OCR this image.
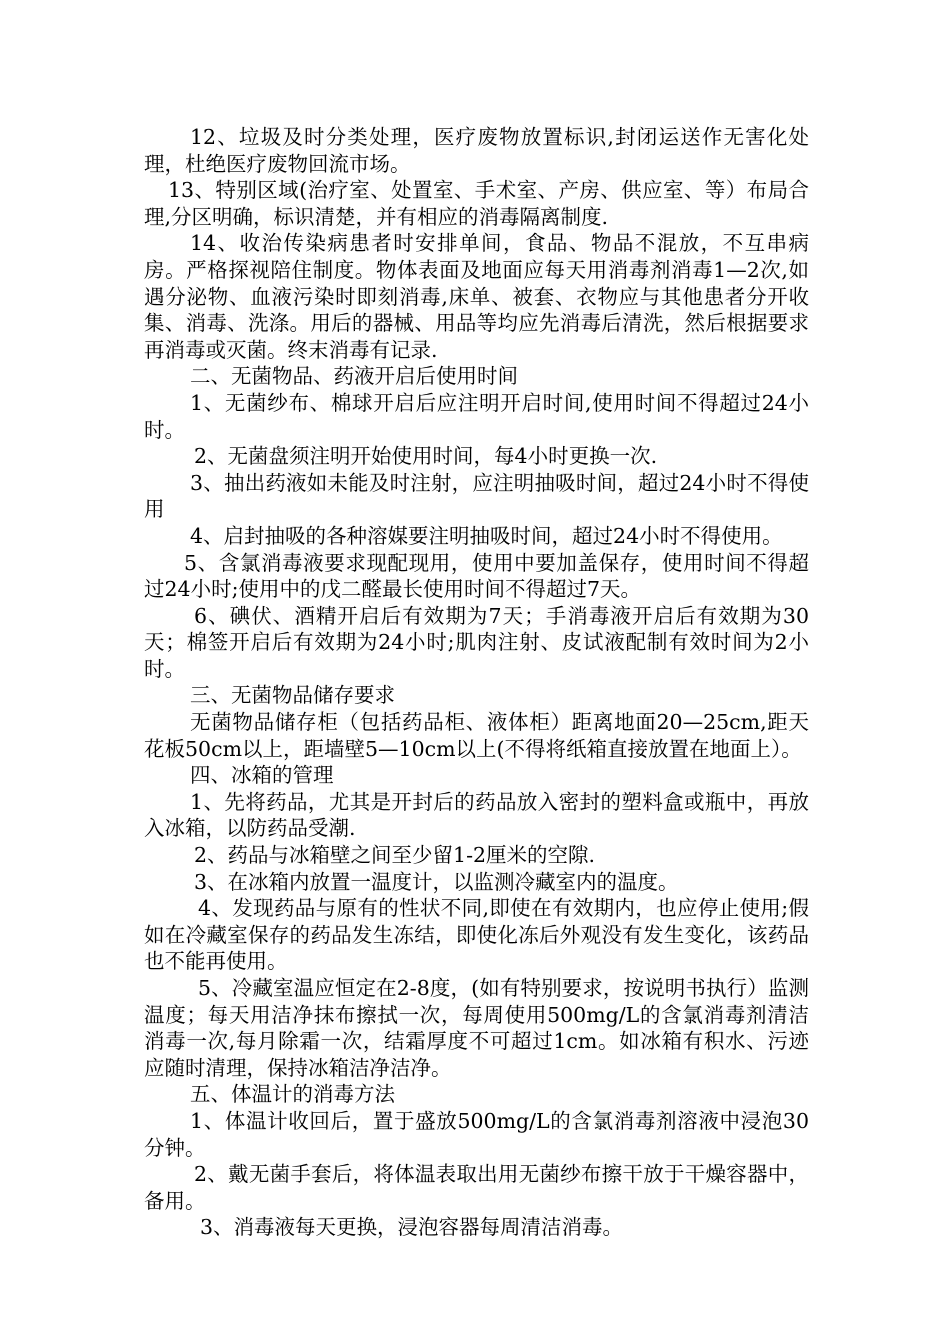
12、垃圾及时分类处理，医疗废物放置标识,封闭运送作无害化处理，杜绝医疗废物回流市场。

13、特别区域(治疗室、处置室、手术室、产房、供应室、等）布局合理,分区明确，标识清楚，并有相应的消毒隔离制度.

14、收治传染病患者时安排单间，食品、物品不混放，不互串病房。严格探视陪住制度。物体表面及地面应每天用消毒剂消毒1—2次,如遇分泌物、血液污染时即刻消毒,床单、被套、衣物应与其他患者分开收集、消毒、洗涤。用后的器械、用品等均应先消毒后清洗，然后根据要求再消毒或灭菌。终末消毒有记录.

二、无菌物品、药液开启后使用时间

1、无菌纱布、棉球开启后应注明开启时间,使用时间不得超过24小时。

2、无菌盘须注明开始使用时间，每4小时更换一次.

3、抽出药液如未能及时注射，应注明抽吸时间，超过24小时不得使用

4、启封抽吸的各种溶媒要注明抽吸时间，超过24小时不得使用。

5、含氯消毒液要求现配现用，使用中要加盖保存，使用时间不得超过24小时;使用中的戊二醛最长使用时间不得超过7天。

6、碘伏、酒精开启后有效期为7天；手消毒液开启后有效期为30天；棉签开启后有效期为24小时;肌肉注射、皮试液配制有效时间为2小时。

三、无菌物品储存要求

无菌物品储存柜（包括药品柜、液体柜）距离地面20—25cm,距天花板50cm以上，距墙壁5—10cm以上(不得将纸箱直接放置在地面上）。

四、冰箱的管理

1、先将药品，尤其是开封后的药品放入密封的塑料盒或瓶中，再放入冰箱，以防药品受潮.

2、药品与冰箱壁之间至少留1-2厘米的空隙.

3、在冰箱内放置一温度计，以监测冷藏室内的温度。

4、发现药品与原有的性状不同,即使在有效期内，也应停止使用;假如在冷藏室保存的药品发生冻结，即使化冻后外观没有发生变化，该药品也不能再使用。

5、冷藏室温应恒定在2-8度，(如有特别要求，按说明书执行）监测温度；每天用洁净抹布擦拭一次，每周使用500mg/L的含氯消毒剂清洁消毒一次,每月除霜一次，结霜厚度不可超过1cm。如冰箱有积水、污迹应随时清理，保持冰箱洁净洁净。

五、体温计的消毒方法

1、体温计收回后，置于盛放500mg/L的含氯消毒剂溶液中浸泡30分钟。

2、戴无菌手套后，将体温表取出用无菌纱布擦干放于干燥容器中，备用。

3、消毒液每天更换，浸泡容器每周清洁消毒。
